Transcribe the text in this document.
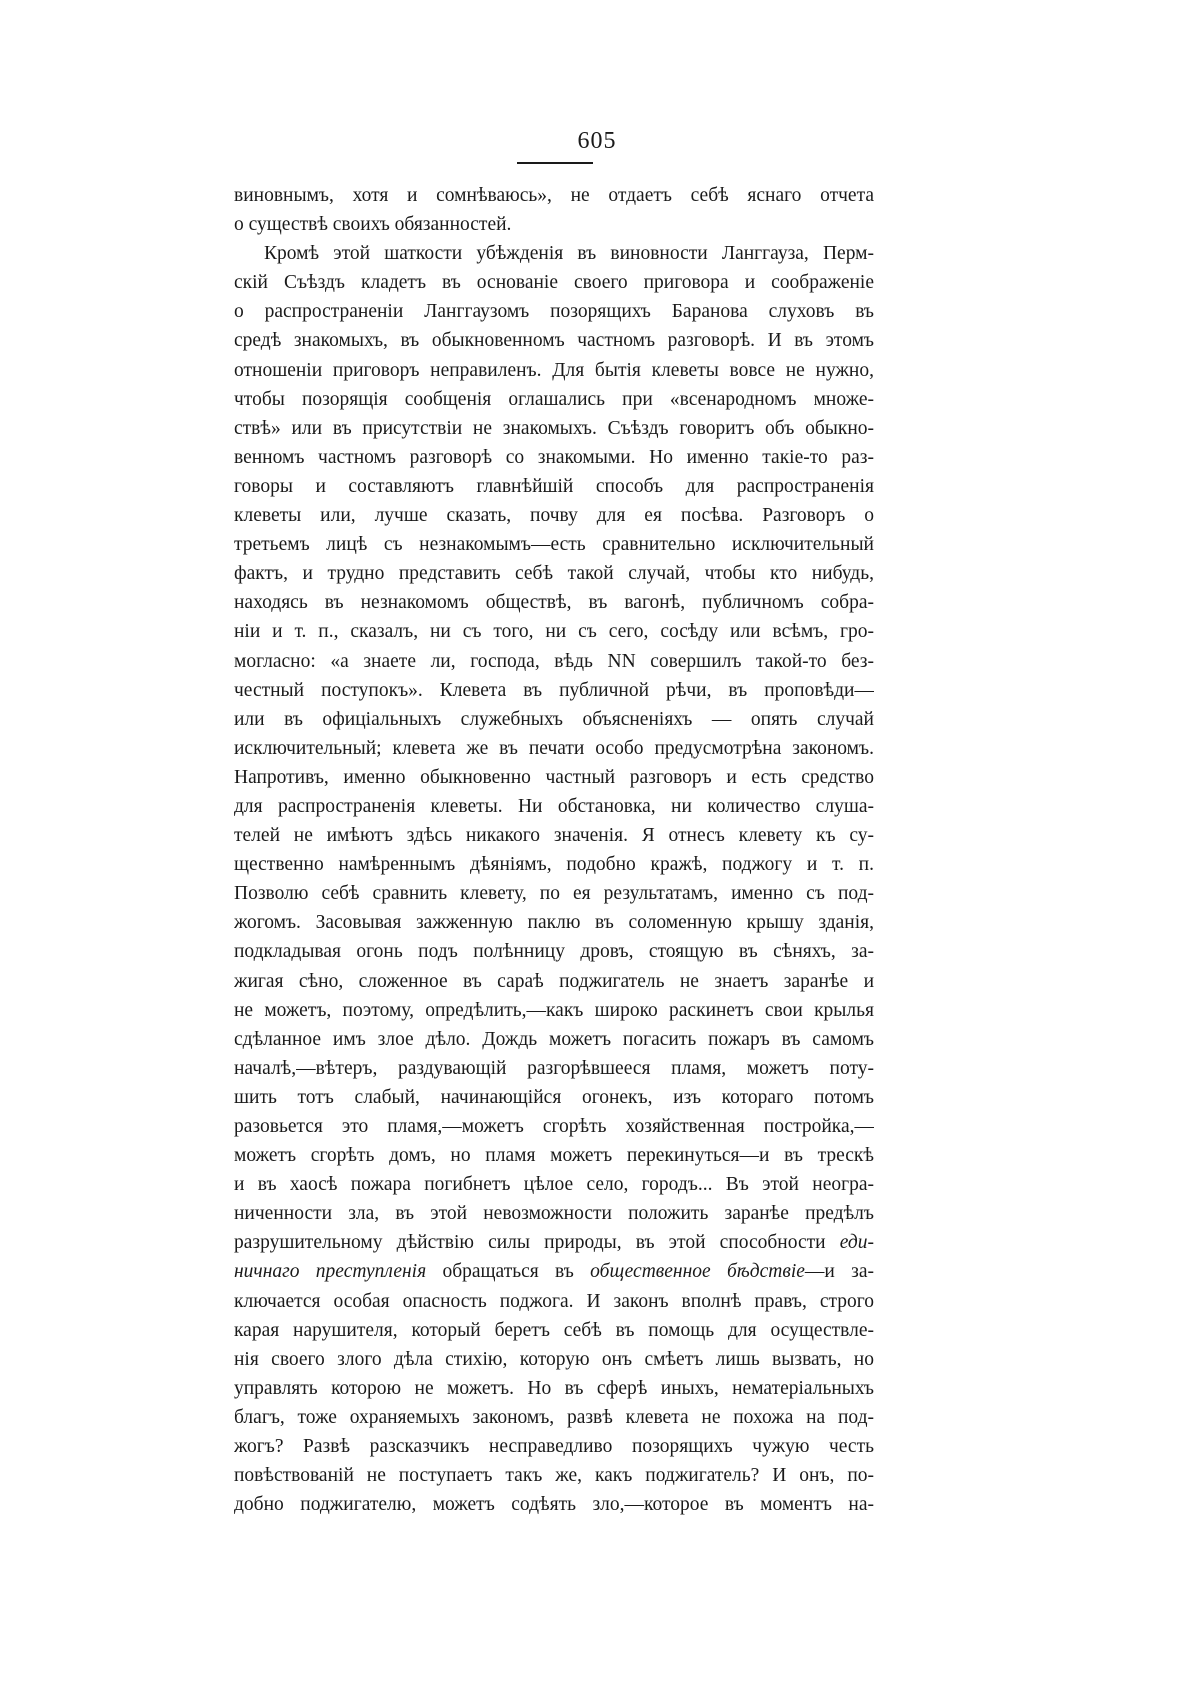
605
виновнымъ, хотя и сомнѣваюсь», не отдаетъ себѣ яснаго отчета
о существѣ своихъ обязанностей.
Кромѣ этой шаткости убѣжденія въ виновности Ланггауза, Перм-
скій Съѣздъ кладетъ въ основаніе своего приговора и соображеніе
о распространеніи Ланггаузомъ позорящихъ Баранова слуховъ въ
средѣ знакомыхъ, въ обыкновенномъ частномъ разговорѣ. И въ этомъ
отношеніи приговоръ неправиленъ. Для бытія клеветы вовсе не нужно,
чтобы позорящія сообщенія оглашались при «всенародномъ множе-
ствѣ» или въ присутствіи не знакомыхъ. Съѣздъ говоритъ объ обыкно-
венномъ частномъ разговорѣ со знакомыми. Но именно такіе-то раз-
говоры и составляютъ главнѣйшій способъ для распространенія
клеветы или, лучше сказать, почву для ея посѣва. Разговоръ о
третьемъ лицѣ съ незнакомымъ—есть сравнительно исключительный
фактъ, и трудно представить себѣ такой случай, чтобы кто нибудь,
находясь въ незнакомомъ обществѣ, въ вагонѣ, публичномъ собра-
ніи и т. п., сказалъ, ни съ того, ни съ сего, сосѣду или всѣмъ, гро-
могласно: «а знаете ли, господа, вѣдь NN совершилъ такой-то без-
честный поступокъ». Клевета въ публичной рѣчи, въ проповѣди—
или въ офиціальныхъ служебныхъ объясненіяхъ — опять случай
исключительный; клевета же въ печати особо предусмотрѣна закономъ.
Напротивъ, именно обыкновенно частный разговоръ и есть средство
для распространенія клеветы. Ни обстановка, ни количество слуша-
телей не имѣютъ здѣсь никакого значенія. Я отнесъ клевету къ су-
щественно намѣреннымъ дѣяніямъ, подобно кражѣ, поджогу и т. п.
Позволю себѣ сравнить клевету, по ея результатамъ, именно съ под-
жогомъ. Засовывая зажженную паклю въ соломенную крышу зданія,
подкладывая огонь подъ полѣнницу дровъ, стоящую въ сѣняхъ, за-
жигая сѣно, сложенное въ сараѣ поджигатель не знаетъ заранѣе и
не можетъ, поэтому, опредѣлить,—какъ широко раскинетъ свои крылья
сдѣланное имъ злое дѣло. Дождь можетъ погасить пожаръ въ самомъ
началѣ,—вѣтеръ, раздувающій разгорѣвшееся пламя, можетъ поту-
шить тотъ слабый, начинающійся огонекъ, изъ котораго потомъ
разовьется это пламя,—можетъ сгорѣть хозяйственная постройка,—
можетъ сгорѣть домъ, но пламя можетъ перекинуться—и въ трескѣ
и въ хаосѣ пожара погибнетъ цѣлое село, городъ... Въ этой неогра-
ниченности зла, въ этой невозможности положить заранѣе предѣлъ
разрушительному дѣйствію силы природы, въ этой способности еди-
ничнаго преступленія обращаться въ общественное бѣдствіе—и за-
ключается особая опасность поджога. И законъ вполнѣ правъ, строго
карая нарушителя, который беретъ себѣ въ помощь для осуществле-
нія своего злого дѣла стихію, которую онъ смѣетъ лишь вызвать, но
управлять которою не можетъ. Но въ сферѣ иныхъ, нематеріальныхъ
благъ, тоже охраняемыхъ закономъ, развѣ клевета не похожа на под-
жогъ? Развѣ разсказчикъ несправедливо позорящихъ чужую честь
повѣствованій не поступаетъ такъ же, какъ поджигатель? И онъ, по-
добно поджигателю, можетъ содѣять зло,—которое въ моментъ на-
